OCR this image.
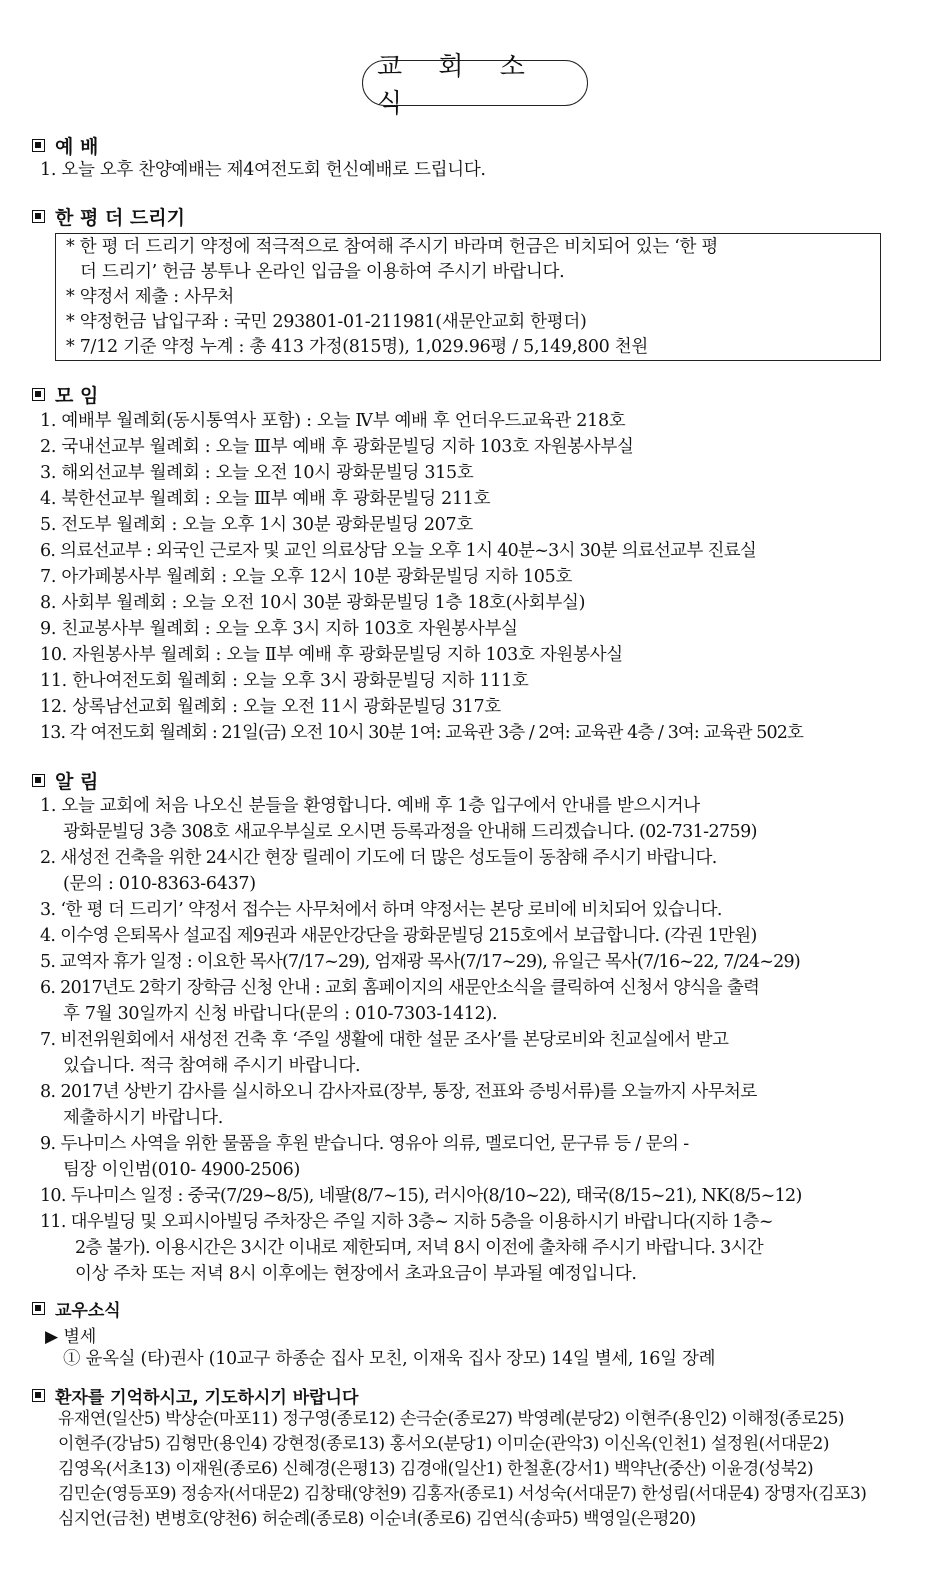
교 회 소 식
예 배
1. 오늘 오후 찬양예배는 제4여전도회 헌신예배로 드립니다.
한 평 더 드리기
* 한 평 더 드리기 약정에 적극적으로 참여해 주시기 바라며 헌금은 비치되어 있는 ‘한 평
더 드리기’ 헌금 봉투나 온라인 입금을 이용하여 주시기 바랍니다.
* 약정서 제출 : 사무처
* 약정헌금 납입구좌 : 국민 293801-01-211981(새문안교회 한평더)
* 7/12 기준 약정 누계 : 총 413 가정(815명), 1,029.96평 / 5,149,800 천원
모 임
1. 예배부 월례회(동시통역사 포함) : 오늘 Ⅳ부 예배 후 언더우드교육관 218호
2. 국내선교부 월례회 : 오늘 Ⅲ부 예배 후 광화문빌딩 지하 103호 자원봉사부실
3. 해외선교부 월례회 : 오늘 오전 10시 광화문빌딩 315호
4. 북한선교부 월례회 : 오늘 Ⅲ부 예배 후 광화문빌딩 211호
5. 전도부 월례회 : 오늘 오후 1시 30분 광화문빌딩 207호
6. 의료선교부 : 외국인 근로자 및 교인 의료상담 오늘 오후 1시 40분~3시 30분 의료선교부 진료실
7. 아가페봉사부 월례회 : 오늘 오후 12시 10분 광화문빌딩 지하 105호
8. 사회부 월례회 : 오늘 오전 10시 30분 광화문빌딩 1층 18호(사회부실)
9. 친교봉사부 월례회 : 오늘 오후 3시 지하 103호 자원봉사부실
10. 자원봉사부 월례회 : 오늘 Ⅱ부 예배 후 광화문빌딩 지하 103호 자원봉사실
11. 한나여전도회 월례회 : 오늘 오후 3시 광화문빌딩 지하 111호
12. 상록남선교회 월례회 : 오늘 오전 11시 광화문빌딩 317호
13. 각 여전도회 월례회 : 21일(금) 오전 10시 30분 1여: 교육관 3층 / 2여: 교육관 4층 / 3여: 교육관 502호
알 림
1. 오늘 교회에 처음 나오신 분들을 환영합니다. 예배 후 1층 입구에서 안내를 받으시거나
광화문빌딩 3층 308호 새교우부실로 오시면 등록과정을 안내해 드리겠습니다. (02-731-2759)
2. 새성전 건축을 위한 24시간 현장 릴레이 기도에 더 많은 성도들이 동참해 주시기 바랍니다.
(문의 : 010-8363-6437)
3. ‘한 평 더 드리기’ 약정서 접수는 사무처에서 하며 약정서는 본당 로비에 비치되어 있습니다.
4. 이수영 은퇴목사 설교집 제9권과 새문안강단을 광화문빌딩 215호에서 보급합니다. (각권 1만원)
5. 교역자 휴가 일정 : 이요한 목사(7/17~29), 엄재광 목사(7/17~29), 유일근 목사(7/16~22, 7/24~29)
6. 2017년도 2학기 장학금 신청 안내 : 교회 홈페이지의 새문안소식을 클릭하여 신청서 양식을 출력
후 7월 30일까지 신청 바랍니다(문의 : 010-7303-1412).
7. 비전위원회에서 새성전 건축 후 ‘주일 생활에 대한 설문 조사’를 본당로비와 친교실에서 받고
있습니다. 적극 참여해 주시기 바랍니다.
8. 2017년 상반기 감사를 실시하오니 감사자료(장부, 통장, 전표와 증빙서류)를 오늘까지 사무처로
제출하시기 바랍니다.
9. 두나미스 사역을 위한 물품을 후원 받습니다. 영유아 의류, 멜로디언, 문구류 등 / 문의 -
팀장 이인범(010- 4900-2506)
10. 두나미스 일정 : 중국(7/29~8/5), 네팔(8/7~15), 러시아(8/10~22), 태국(8/15~21), NK(8/5~12)
11. 대우빌딩 및 오피시아빌딩 주차장은 주일 지하 3층~ 지하 5층을 이용하시기 바랍니다(지하 1층~
2층 불가). 이용시간은 3시간 이내로 제한되며, 저녁 8시 이전에 출차해 주시기 바랍니다. 3시간
이상 주차 또는 저녁 8시 이후에는 현장에서 초과요금이 부과될 예정입니다.
교우소식
▶ 별세
① 윤옥실 (타)권사 (10교구 하종순 집사 모친, 이재욱 집사 장모) 14일 별세, 16일 장례
환자를 기억하시고, 기도하시기 바랍니다
유재연(일산5) 박상순(마포11) 정구영(종로12) 손극순(종로27) 박영례(분당2) 이현주(용인2) 이해정(종로25)
이현주(강남5) 김형만(용인4) 강현정(종로13) 홍서오(분당1) 이미순(관악3) 이신옥(인천1) 설정원(서대문2)
김영옥(서초13) 이재원(종로6) 신혜경(은평13) 김경애(일산1) 한철훈(강서1) 백약난(중산) 이윤경(성북2)
김민순(영등포9) 정송자(서대문2) 김창태(양천9) 김홍자(종로1) 서성숙(서대문7) 한성림(서대문4) 장명자(김포3)
심지언(금천) 변병호(양천6) 허순례(종로8) 이순녀(종로6) 김연식(송파5) 백영일(은평20)
